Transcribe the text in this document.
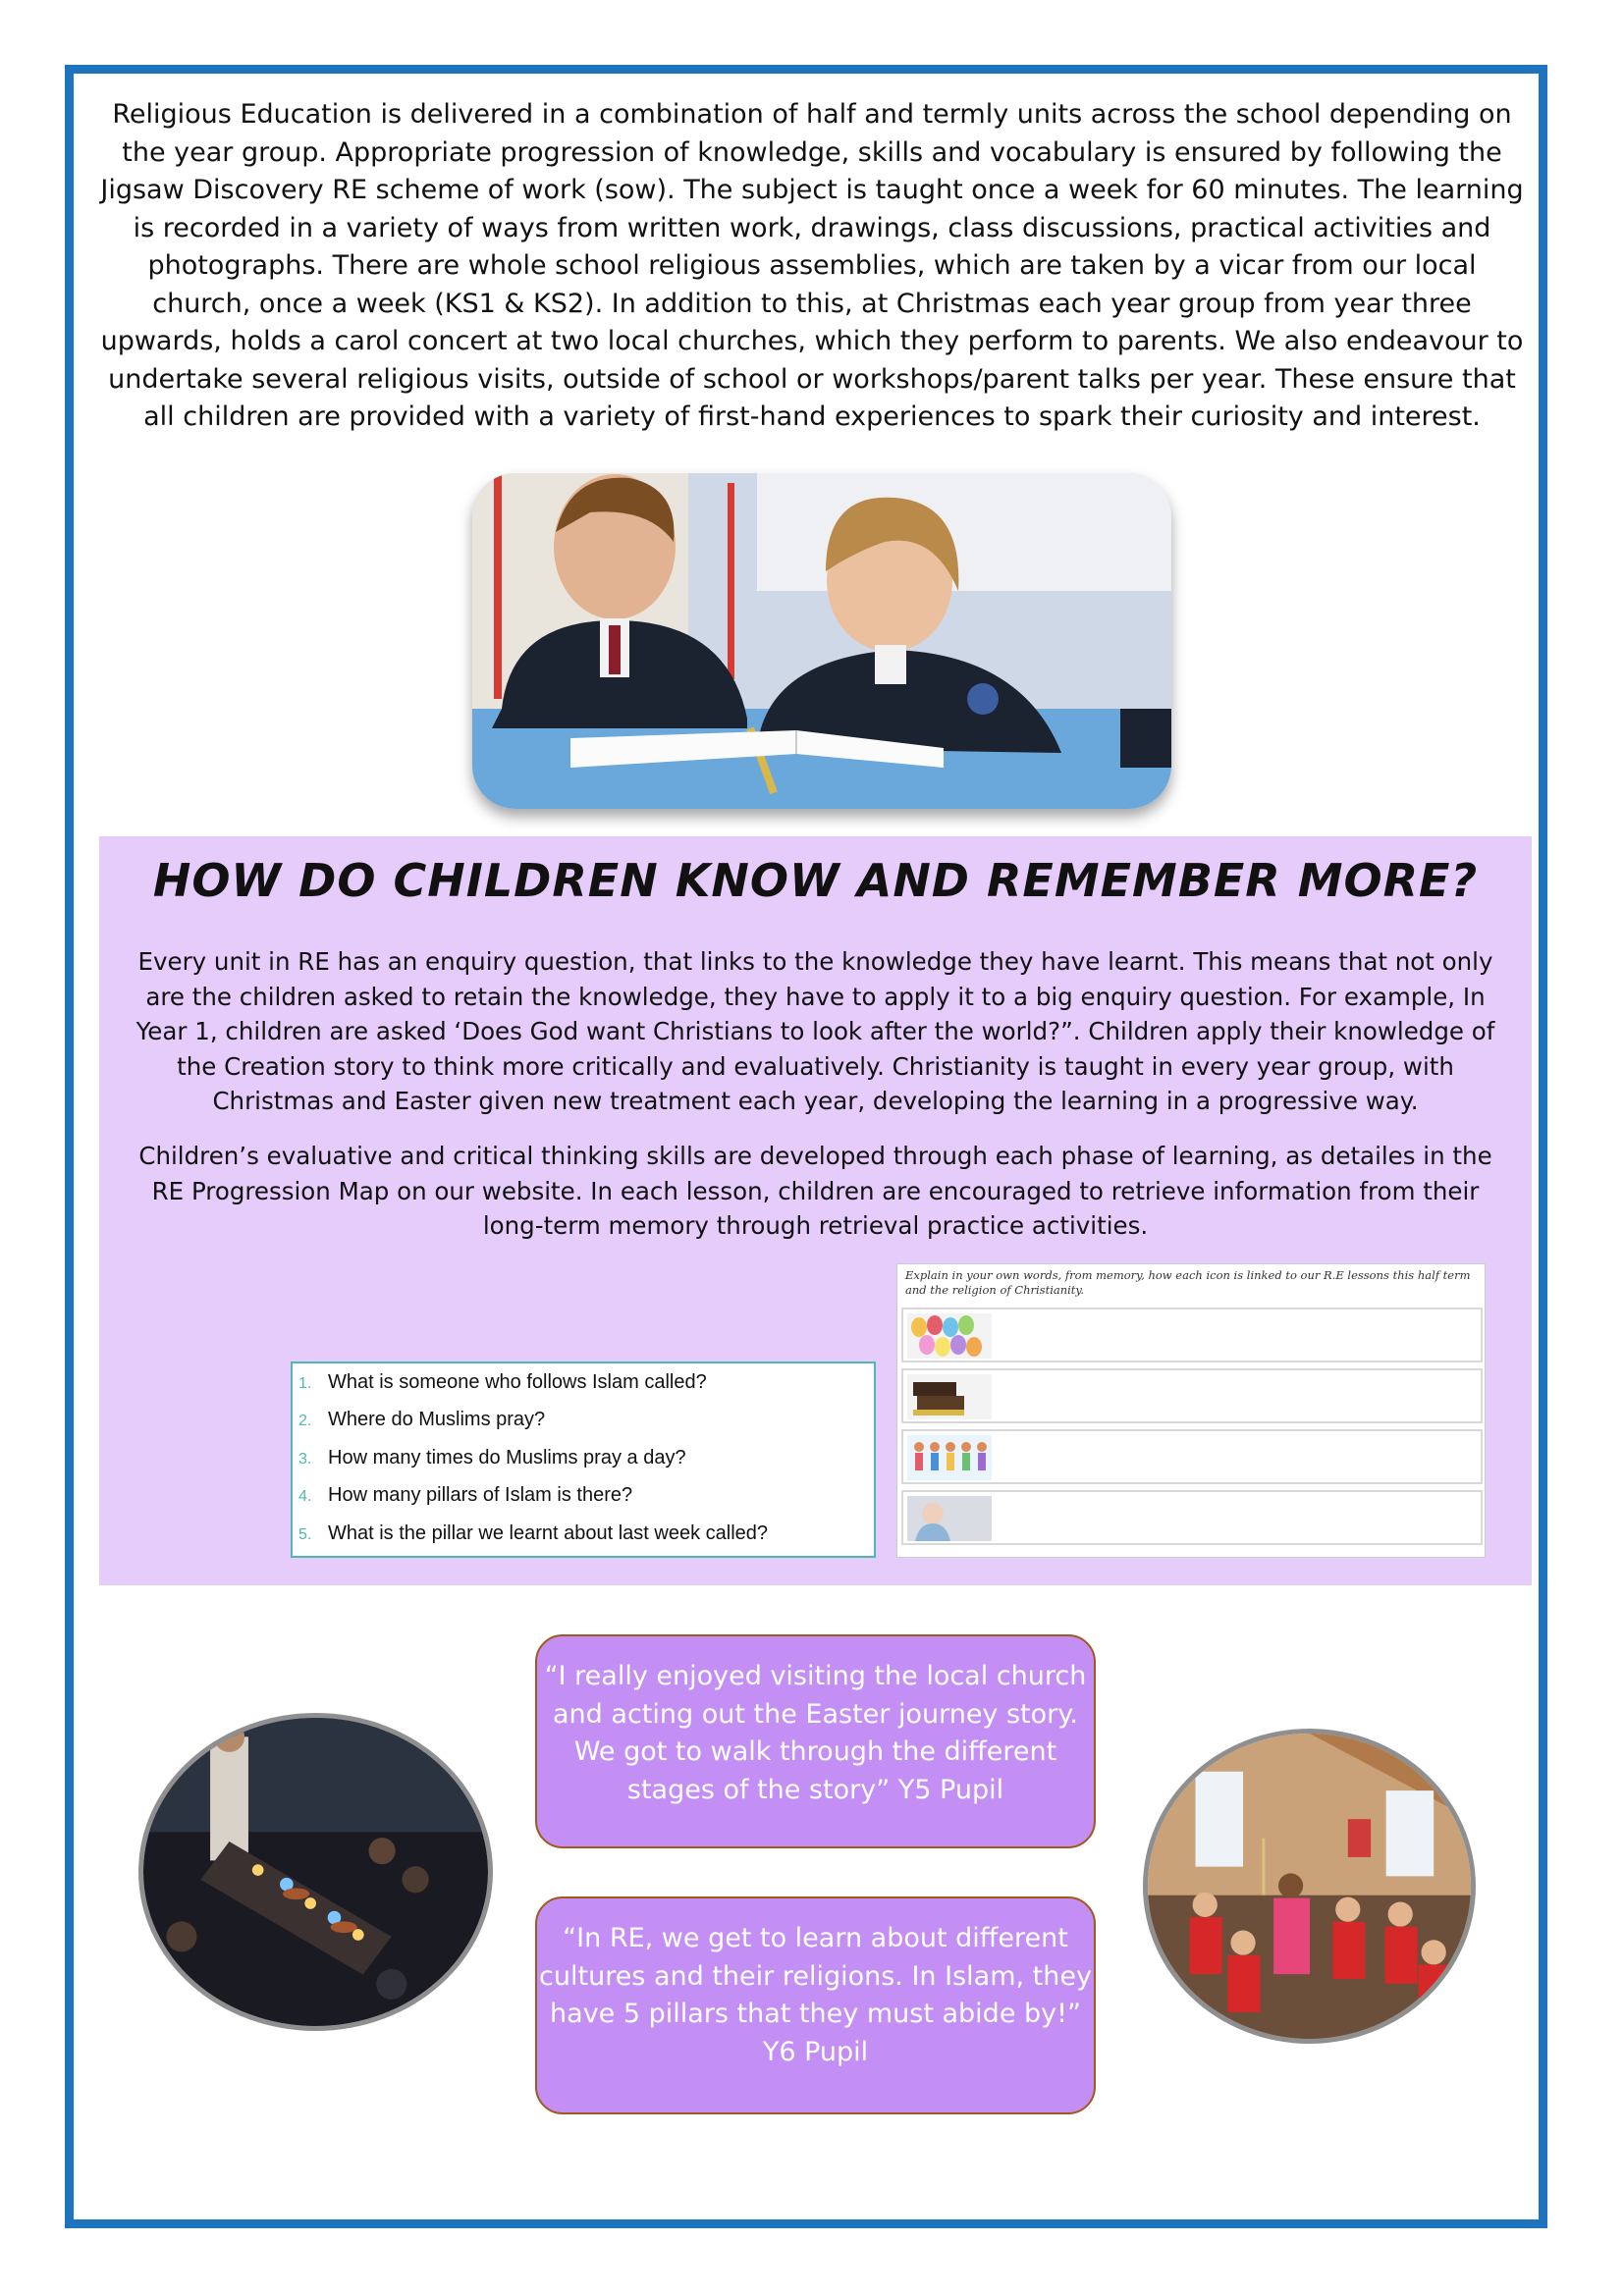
Religious Education is delivered in a combination of half and termly units across the school depending on the year group. Appropriate progression of knowledge, skills and vocabulary is ensured by following the Jigsaw Discovery RE scheme of work (sow). The subject is taught once a week for 60 minutes. The learning is recorded in a variety of ways from written work, drawings, class discussions, practical activities and photographs. There are whole school religious assemblies, which are taken by a vicar from our local church, once a week (KS1 & KS2). In addition to this, at Christmas each year group from year three upwards, holds a carol concert at two local churches, which they perform to parents. We also endeavour to undertake several religious visits, outside of school or workshops/parent talks per year. These ensure that all children are provided with a variety of first-hand experiences to spark their curiosity and interest.

HOW DO CHILDREN KNOW AND REMEMBER MORE?

Every unit in RE has an enquiry question, that links to the knowledge they have learnt. This means that not only are the children asked to retain the knowledge, they have to apply it to a big enquiry question. For example, In Year 1, children are asked ‘Does God want Christians to look after the world?”. Children apply their knowledge of the Creation story to think more critically and evaluatively. Christianity is taught in every year group, with Christmas and Easter given new treatment each year, developing the learning in a progressive way.

Children’s evaluative and critical thinking skills are developed through each phase of learning, as detailes in the RE Progression Map on our website. In each lesson, children are encouraged to retrieve information from their long-term memory through retrieval practice activities.

1. What is someone who follows Islam called?
2. Where do Muslims pray?
3. How many times do Muslims pray a day?
4. How many pillars of Islam is there?
5. What is the pillar we learnt about last week called?

Explain in your own words, from memory, how each icon is linked to our R.E lessons this half term and the religion of Christianity.

“I really enjoyed visiting the local church and acting out the Easter journey story. We got to walk through the different stages of the story” Y5 Pupil
“In RE, we get to learn about different cultures and their religions. In Islam, they have 5 pillars that they must abide by!” Y6 Pupil
